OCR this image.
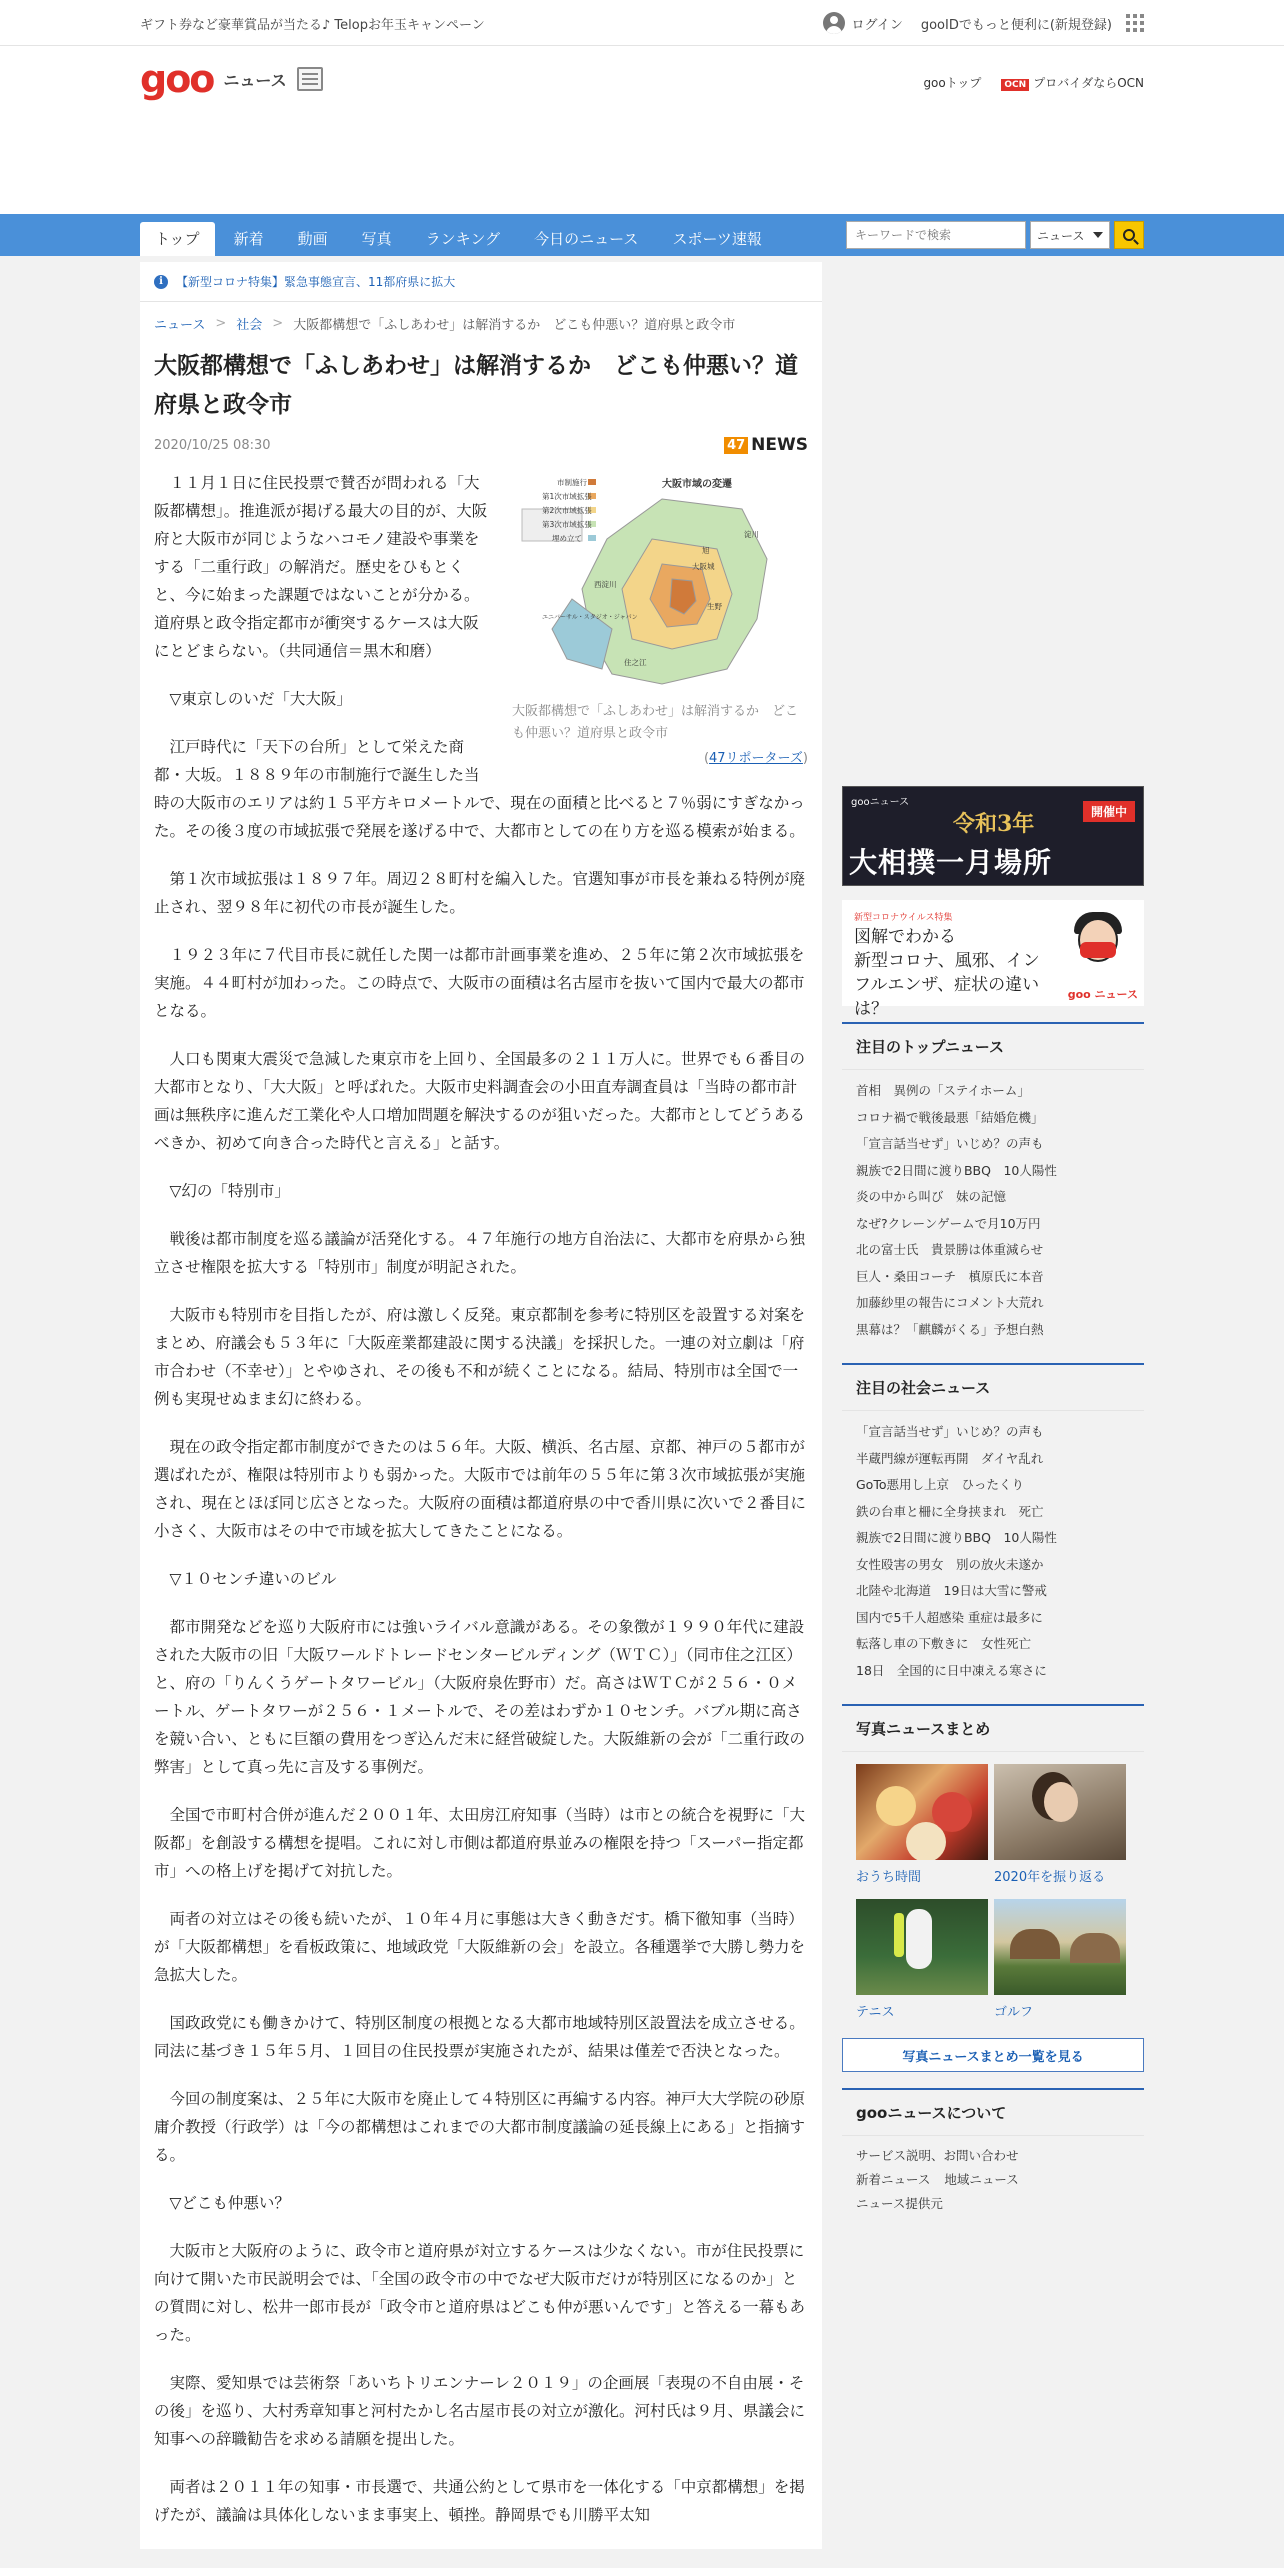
ギフト券など豪華賞品が当たる♪ Telopお年玉キャンペーン	ログイン gooIDでもっと便利に(新規登録)
goo ニュース	gooトップ	OCN プロバイダならOCN
トップ	新着	動画	写真	ランキング	今日のニュース	スポーツ速報
キーワードで検索	ニュース
i	【新型コロナ特集】緊急事態宣言、11都府県に拡大
ニュース > 社会 > 大阪都構想で「ふしあわせ」は解消するか　どこも仲悪い？道府県と政令市
大阪都構想で「ふしあわせ」は解消するか　どこも仲悪い？道府県と政令市
2020/10/25 08:30	47 NEWS
大阪市域の変遷
市制施行
第1次市域拡張
第2次市域拡張
第3次市域拡張
埋め立て	淀川
大阪城
生野
旭
西淀川
住之江
ユニバーサル・スタジオ・ジャパン
大阪都構想で「ふしあわせ」は解消するか　どこも仲悪い？道府県と政令市
(47リポーターズ)

１１月１日に住民投票で賛否が問われる「大阪都構想」。推進派が掲げる最大の目的が、大阪府と大阪市が同じようなハコモノ建設や事業をする「二重行政」の解消だ。歴史をひもとくと、今に始まった課題ではないことが分かる。道府県と政令指定都市が衝突するケースは大阪にとどまらない。（共同通信＝黒木和磨）

▽東京しのいだ「大大阪」

江戸時代に「天下の台所」として栄えた商都・大坂。１８８９年の市制施行で誕生した当時の大阪市のエリアは約１５平方キロメートルで、現在の面積と比べると７％弱にすぎなかった。その後３度の市域拡張で発展を遂げる中で、大都市としての在り方を巡る模索が始まる。

第１次市域拡張は１８９７年。周辺２８町村を編入した。官選知事が市長を兼ねる特例が廃止され、翌９８年に初代の市長が誕生した。

１９２３年に７代目市長に就任した関一は都市計画事業を進め、２５年に第２次市域拡張を実施。４４町村が加わった。この時点で、大阪市の面積は名古屋市を抜いて国内で最大の都市となる。

人口も関東大震災で急減した東京市を上回り、全国最多の２１１万人に。世界でも６番目の大都市となり、「大大阪」と呼ばれた。大阪市史料調査会の小田直寿調査員は「当時の都市計画は無秩序に進んだ工業化や人口増加問題を解決するのが狙いだった。大都市としてどうあるべきか、初めて向き合った時代と言える」と話す。

▽幻の「特別市」

戦後は都市制度を巡る議論が活発化する。４７年施行の地方自治法に、大都市を府県から独立させ権限を拡大する「特別市」制度が明記された。

大阪市も特別市を目指したが、府は激しく反発。東京都制を参考に特別区を設置する対案をまとめ、府議会も５３年に「大阪産業都建設に関する決議」を採択した。一連の対立劇は「府市合わせ（不幸せ）」とやゆされ、その後も不和が続くことになる。結局、特別市は全国で一例も実現せぬまま幻に終わる。

現在の政令指定都市制度ができたのは５６年。大阪、横浜、名古屋、京都、神戸の５都市が選ばれたが、権限は特別市よりも弱かった。大阪市では前年の５５年に第３次市域拡張が実施され、現在とほぼ同じ広さとなった。大阪府の面積は都道府県の中で香川県に次いで２番目に小さく、大阪市はその中で市域を拡大してきたことになる。

▽１０センチ違いのビル

都市開発などを巡り大阪府市には強いライバル意識がある。その象徴が１９９０年代に建設された大阪市の旧「大阪ワールドトレードセンタービルディング（ＷＴＣ）」（同市住之江区）と、府の「りんくうゲートタワービル」（大阪府泉佐野市）だ。高さはＷＴＣが２５６・０メートル、ゲートタワーが２５６・１メートルで、その差はわずか１０センチ。バブル期に高さを競い合い、ともに巨額の費用をつぎ込んだ末に経営破綻した。大阪維新の会が「二重行政の弊害」として真っ先に言及する事例だ。

全国で市町村合併が進んだ２００１年、太田房江府知事（当時）は市との統合を視野に「大阪都」を創設する構想を提唱。これに対し市側は都道府県並みの権限を持つ「スーパー指定都市」への格上げを掲げて対抗した。

両者の対立はその後も続いたが、１０年４月に事態は大きく動きだす。橋下徹知事（当時）が「大阪都構想」を看板政策に、地域政党「大阪維新の会」を設立。各種選挙で大勝し勢力を急拡大した。

国政政党にも働きかけて、特別区制度の根拠となる大都市地域特別区設置法を成立させる。同法に基づき１５年５月、１回目の住民投票が実施されたが、結果は僅差で否決となった。

今回の制度案は、２５年に大阪市を廃止して４特別区に再編する内容。神戸大大学院の砂原庸介教授（行政学）は「今の都構想はこれまでの大都市制度議論の延長線上にある」と指摘する。

▽どこも仲悪い？

大阪市と大阪府のように、政令市と道府県が対立するケースは少なくない。市が住民投票に向けて開いた市民説明会では、「全国の政令市の中でなぜ大阪市だけが特別区になるのか」との質問に対し、松井一郎市長が「政令市と道府県はどこも仲が悪いんです」と答える一幕もあった。

実際、愛知県では芸術祭「あいちトリエンナーレ２０１９」の企画展「表現の不自由展・その後」を巡り、大村秀章知事と河村たかし名古屋市長の対立が激化。河村氏は９月、県議会に知事への辞職勧告を求める請願を提出した。

両者は２０１１年の知事・市長選で、共通公約として県市を一体化する「中京都構想」を掲げたが、議論は具体化しないまま事実上、頓挫。静岡県でも川勝平太知

gooニュース
令和3年
大相撲一月場所
開催中
新型コロナウイルス特集
図解でわかる
新型コロナ、風邪、インフルエンザ、症状の違いは？
goo ニュース
注目のトップニュース
首相　異例の「ステイホーム」
コロナ禍で戦後最悪「結婚危機」
「宣言話当せず」いじめ？の声も
親族で2日間に渡りBBQ　10人陽性
炎の中から叫び　妹の記憶
なぜ?クレーンゲームで月10万円
北の富士氏　貴景勝は体重減らせ
巨人・桑田コーチ　槙原氏に本音
加藤紗里の報告にコメント大荒れ
黒幕は？「麒麟がくる」予想白熱
注目の社会ニュース
「宣言話当せず」いじめ？の声も
半蔵門線が運転再開　ダイヤ乱れ
GoTo悪用し上京　ひったくり
鉄の台車と柵に全身挟まれ　死亡
親族で2日間に渡りBBQ　10人陽性
女性殴害の男女　別の放火未遂か
北陸や北海道　19日は大雪に警戒
国内で5千人超感染 重症は最多に
転落し車の下敷きに　女性死亡
18日　全国的に日中凍える寒さに
写真ニュースまとめ
おうち時間	2020年を振り返る
テニス	ゴルフ
写真ニュースまとめ一覧を見る
gooニュースについて
サービス説明、お問い合わせ
新着ニュース 地域ニュース
ニュース提供元
